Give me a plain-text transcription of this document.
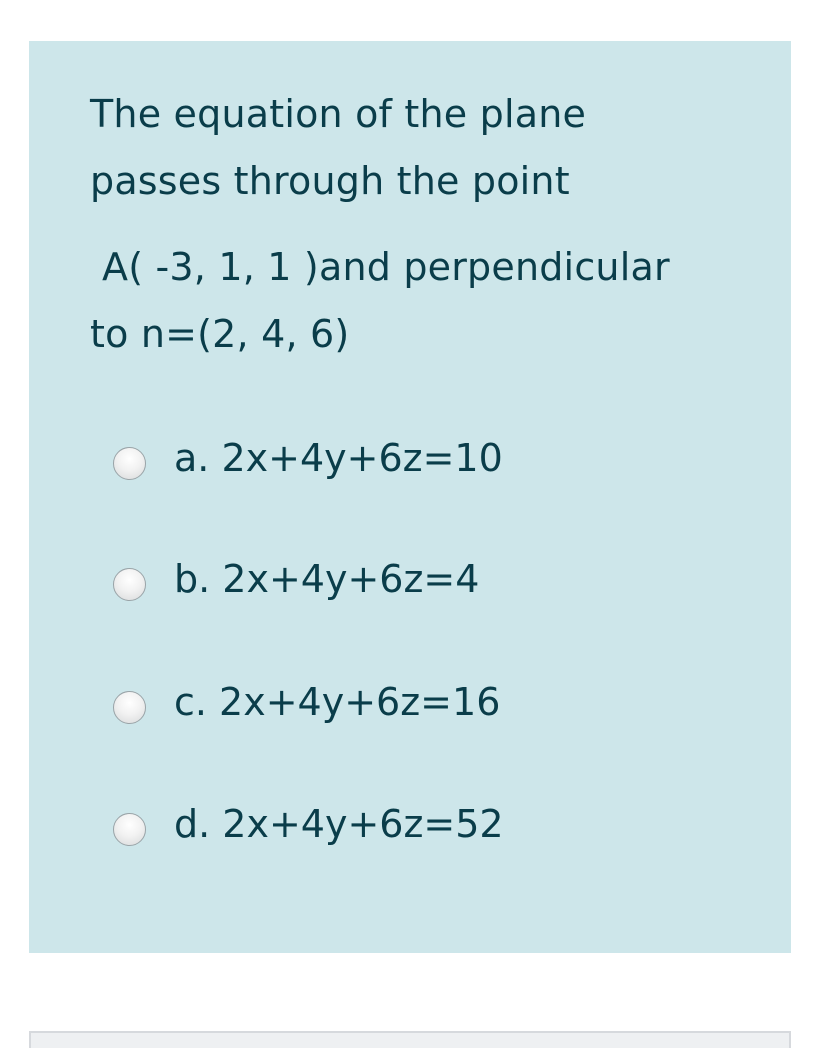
The equation of the plane
passes through the point
A( -3, 1, 1 )and perpendicular
to n=(2, 4, 6)
a. 2x+4y+6z=10
b. 2x+4y+6z=4
c. 2x+4y+6z=16
d. 2x+4y+6z=52
